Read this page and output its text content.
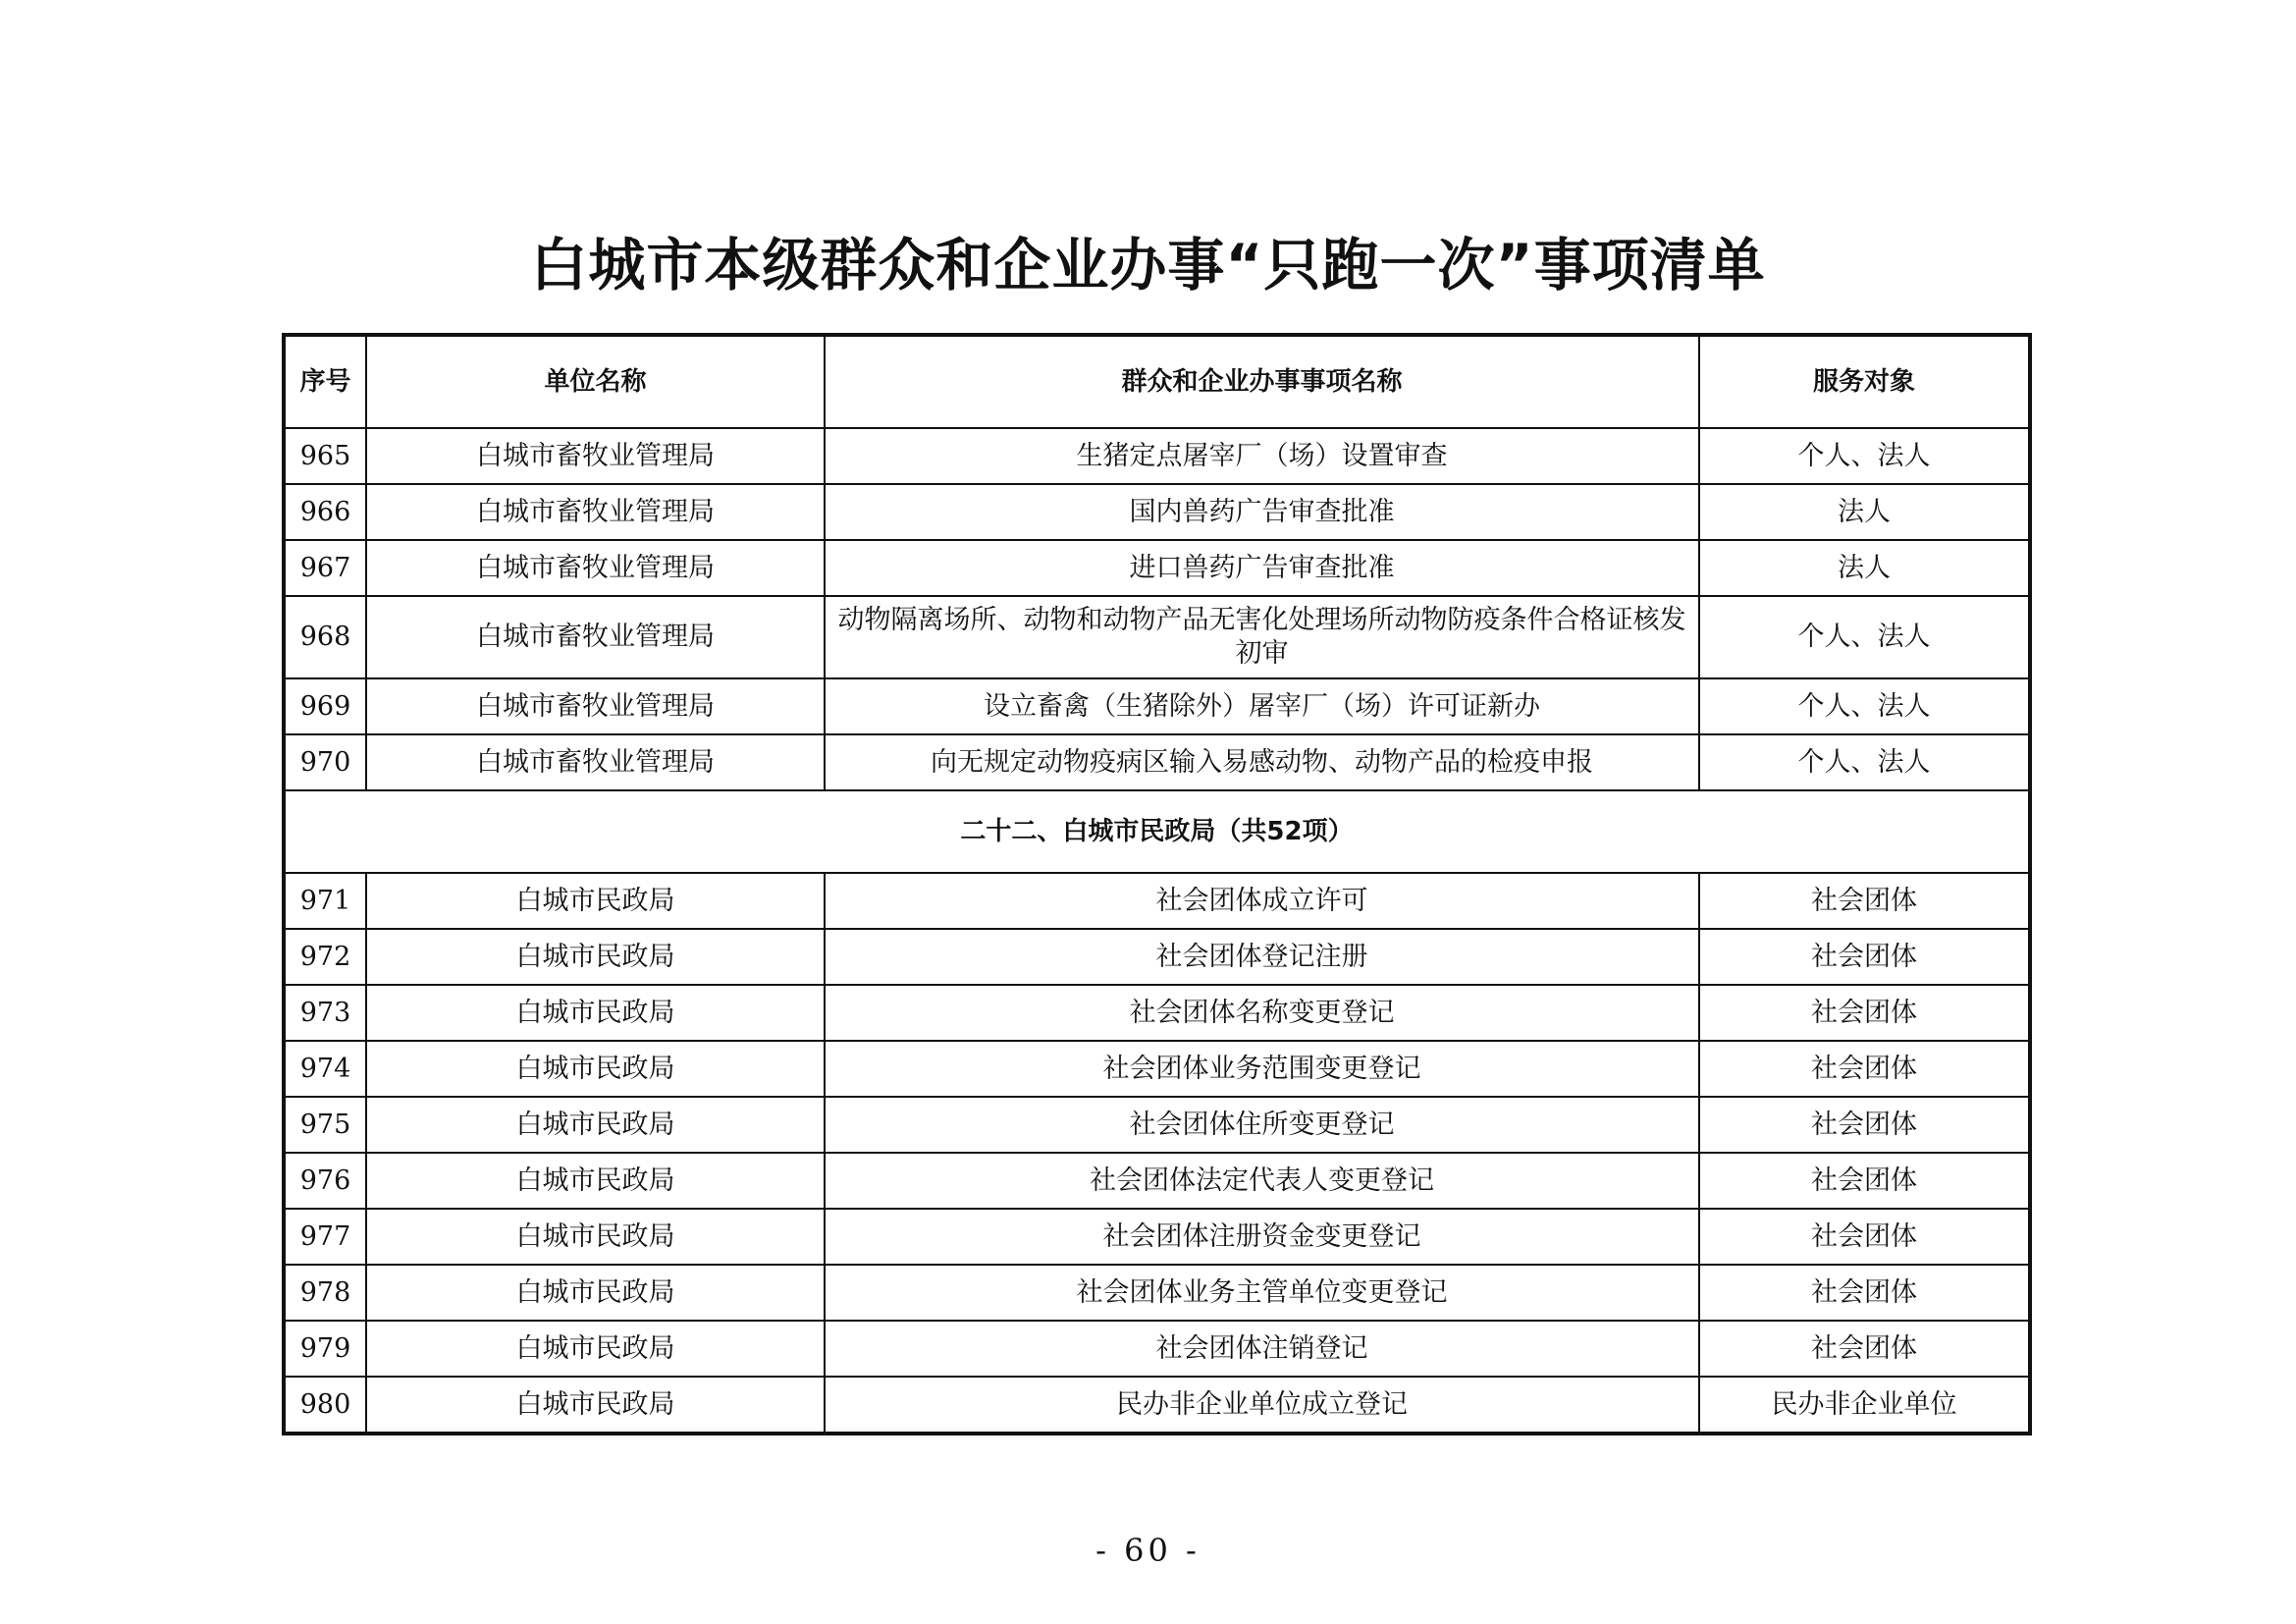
白城市本级群众和企业办事“只跑一次”事项清单
序号	单位名称	群众和企业办事事项名称	服务对象
965	白城市畜牧业管理局	生猪定点屠宰厂（场）设置审查	个人、法人
966	白城市畜牧业管理局	国内兽药广告审查批准	法人
967	白城市畜牧业管理局	进口兽药广告审查批准	法人
968	白城市畜牧业管理局	动物隔离场所、动物和动物产品无害化处理场所动物防疫条件合格证核发初审	个人、法人
969	白城市畜牧业管理局	设立畜禽（生猪除外）屠宰厂（场）许可证新办	个人、法人
970	白城市畜牧业管理局	向无规定动物疫病区输入易感动物、动物产品的检疫申报	个人、法人
二十二、白城市民政局（共52项）			
971	白城市民政局	社会团体成立许可	社会团体
972	白城市民政局	社会团体登记注册	社会团体
973	白城市民政局	社会团体名称变更登记	社会团体
974	白城市民政局	社会团体业务范围变更登记	社会团体
975	白城市民政局	社会团体住所变更登记	社会团体
976	白城市民政局	社会团体法定代表人变更登记	社会团体
977	白城市民政局	社会团体注册资金变更登记	社会团体
978	白城市民政局	社会团体业务主管单位变更登记	社会团体
979	白城市民政局	社会团体注销登记	社会团体
980	白城市民政局	民办非企业单位成立登记	民办非企业单位
- 60 -
